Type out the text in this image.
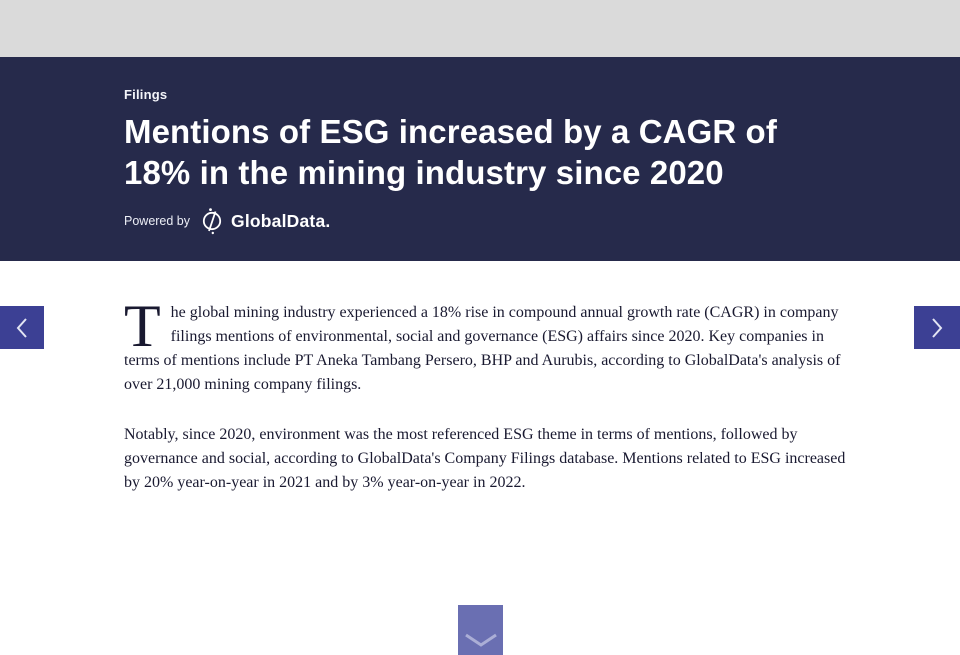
Filings
Mentions of ESG increased by a CAGR of
18% in the mining industry since 2020
Powered by GlobalData.

The global mining industry experienced a 18% rise in compound annual growth rate (CAGR) in company filings mentions of environmental, social and governance (ESG) affairs since 2020. Key companies in terms of mentions include PT Aneka Tambang Persero, BHP and Aurubis, according to GlobalData's analysis of over 21,000 mining company filings.

Notably, since 2020, environment was the most referenced ESG theme in terms of mentions, followed by governance and social, according to GlobalData's Company Filings database. Mentions related to ESG increased by 20% year-on-year in 2021 and by 3% year-on-year in 2022.
